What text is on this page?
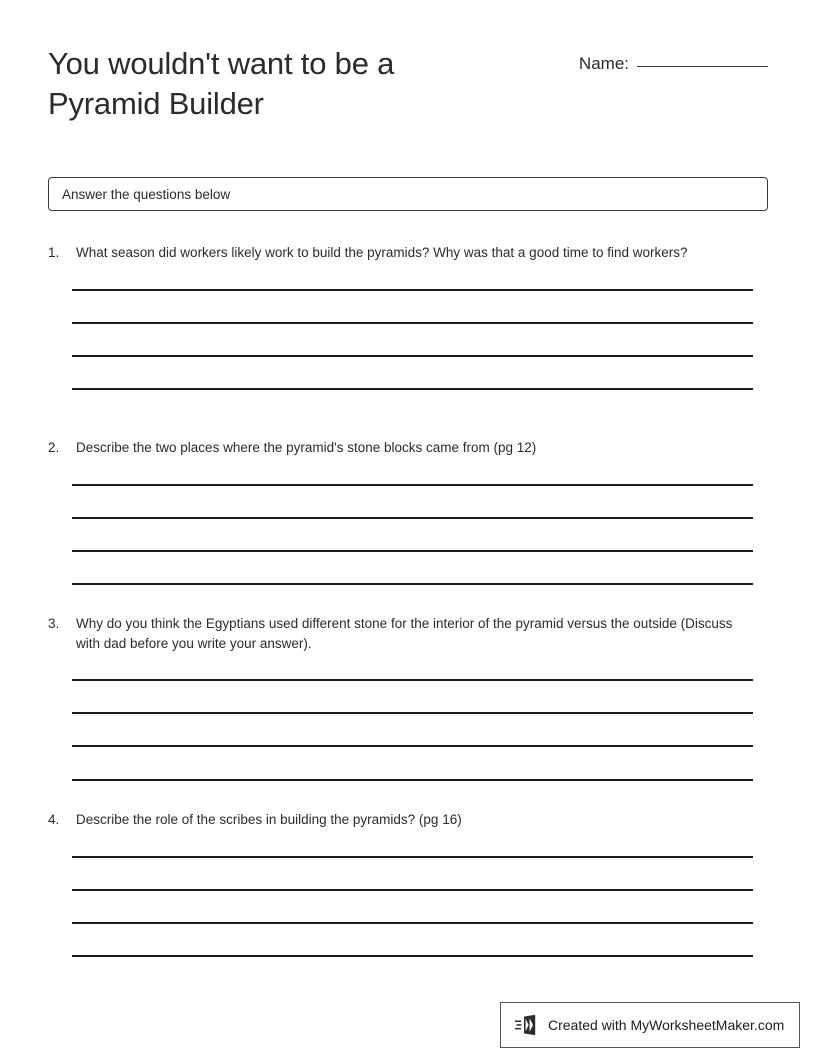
You wouldn't want to be a Pyramid Builder
Name:
Answer the questions below
1.	What season did workers likely work to build the pyramids? Why was that a good time to find workers?
2.	Describe the two places where the pyramid's stone blocks came from (pg 12)
3.	Why do you think the Egyptians used different stone for the interior of the pyramid versus the outside (Discuss with dad before you write your answer).
4.	Describe the role of the scribes in building the pyramids? (pg 16)
Created with MyWorksheetMaker.com
